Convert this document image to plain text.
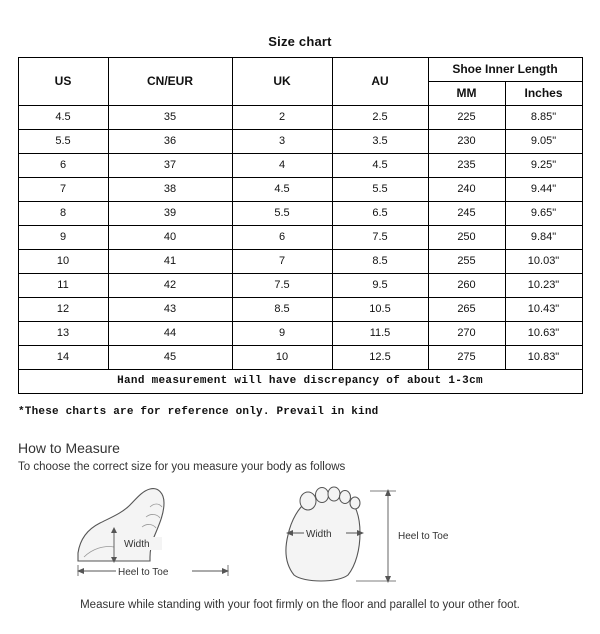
Size chart
US	CN/EUR	UK	AU	Shoe Inner Length	
				MM	Inches
4.5	35	2	2.5	225	8.85"
5.5	36	3	3.5	230	9.05"
6	37	4	4.5	235	9.25"
7	38	4.5	5.5	240	9.44"
8	39	5.5	6.5	245	9.65"
9	40	6	7.5	250	9.84"
10	41	7	8.5	255	10.03"
11	42	7.5	9.5	260	10.23"
12	43	8.5	10.5	265	10.43"
13	44	9	11.5	270	10.63"
14	45	10	12.5	275	10.83"
Hand measurement will have discrepancy of about 1-3cm					
*These charts are for reference only. Prevail in kind
How to Measure
To choose the correct size for you measure your body as follows
Width
Heel to Toe
Width	Heel to Toe
Measure while standing with your foot firmly on the floor and parallel to your other foot.
